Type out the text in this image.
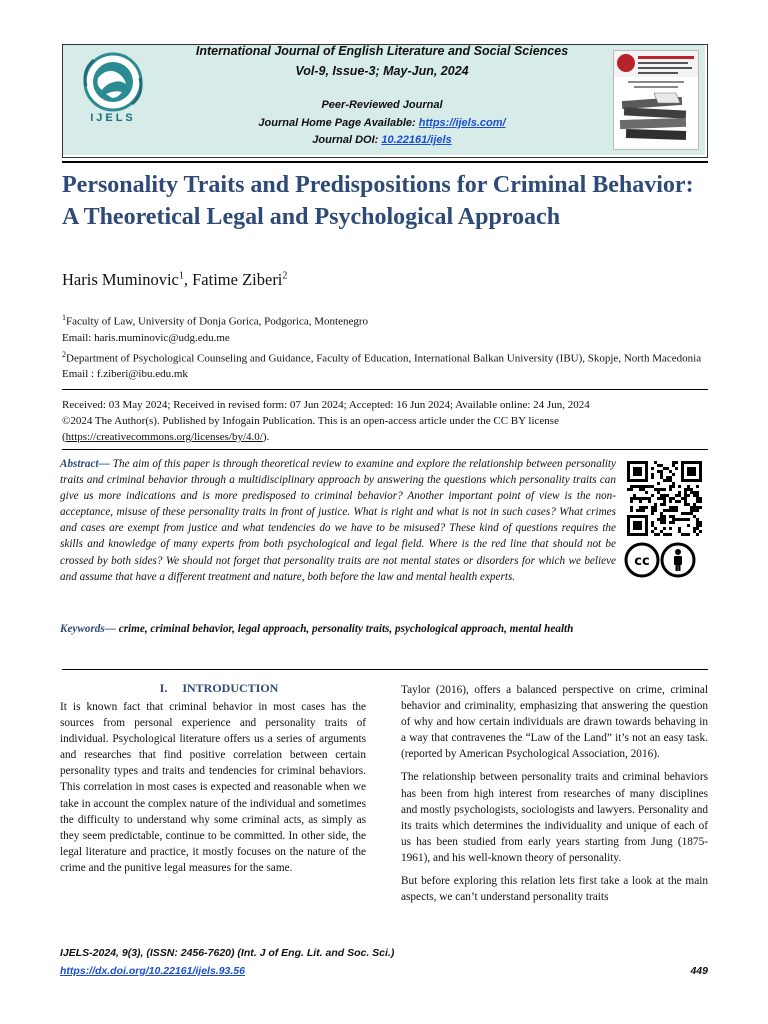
IJELS
International Journal of English Literature and Social Sciences
Vol-9, Issue-3; May-Jun, 2024
Peer-Reviewed Journal
Journal Home Page Available: https://ijels.com/
Journal DOI: 10.22161/ijels
Personality Traits and Predispositions for Criminal Behavior: A Theoretical Legal and Psychological Approach
Haris Muminovic$^1$, Fatime Ziberi$^2$

$^1$Faculty of Law, University of Donja Gorica, Podgorica, Montenegro

Email: haris.muminovic@udg.edu.me

$^2$Department of Psychological Counseling and Guidance, Faculty of Education, International Balkan University (IBU), Skopje, North Macedonia

Email : f.ziberi@ibu.edu.mk

Received: 03 May 2024; Received in revised form: 07 Jun 2024; Accepted: 16 Jun 2024; Available online: 24 Jun, 2024

©2024 The Author(s). Published by Infogain Publication. This is an open-access article under the CC BY license

(https://creativecommons.org/licenses/by/4.0/).

Abstract— The aim of this paper is through theoretical review to examine and explore the relationship between personality traits and criminal behavior through a multidisciplinary approach by answering the questions which personality traits can give us more indications and is more predisposed to criminal behavior? Another important point of view is the non-acceptance, misuse of these personality traits in front of justice. What is right and what is not in such cases? What crimes and cases are exempt from justice and what tendencies do we have to be misused? These kind of questions requires the skills and knowledge of many experts from both psychological and legal field. Where is the red line that should not be crossed by both sides? We should not forget that personality traits are not mental states or disorders for which we believe and assume that have a different treatment and nature, both before the law and mental health experts.
Keywords— crime, criminal behavior, legal approach, personality traits, psychological approach, mental health
cc
I. INTRODUCTION

It is known fact that criminal behavior in most cases has the sources from personal experience and personality traits of individual. Psychological literature offers us a series of arguments and researches that find positive correlation between certain personality types and traits and tendencies for criminal behaviors. This correlation in most cases is expected and reasonable when we take in account the complex nature of the individual and sometimes the difficulty to understand why some criminal acts, as simply as they seem predictable, continue to be committed. In other side, the legal literature and practice, it mostly focuses on the nature of the crime and the punitive legal measures for the same.

Taylor (2016), offers a balanced perspective on crime, criminal behavior and criminality, emphasizing that answering the question of why and how certain individuals are drawn towards behaving in a way that contravenes the “Law of the Land” it’s not an easy task. (reported by American Psychological Association, 2016).

The relationship between personality traits and criminal behaviors has been from high interest from researches of many disciplines and mostly psychologists, sociologists and lawyers. Personality and its traits which determines the individuality and unique of each of us has been studied from early years starting from Jung (1875-1961), and his well-known theory of personality.

But before exploring this relation lets first take a look at the main aspects, we can’t understand personality traits

IJELS-2024, 9(3), (ISSN: 2456-7620) (Int. J of Eng. Lit. and Soc. Sci.)
https://dx.doi.org/10.22161/ijels.93.56	449
